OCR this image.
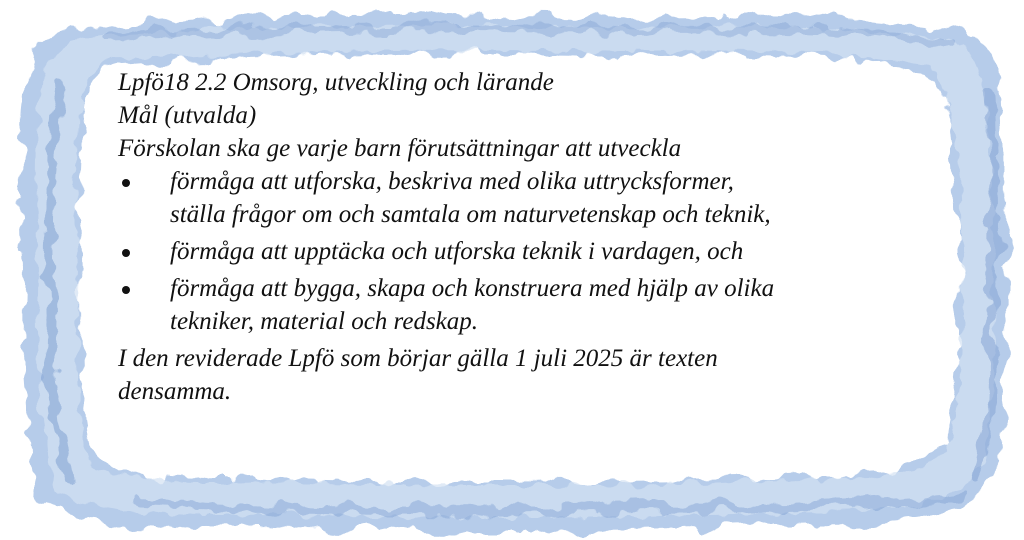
Lpfö18 2.2 Omsorg, utveckling och lärande
Mål (utvalda)
Förskolan ska ge varje barn förutsättningar att utveckla
förmåga att utforska, beskriva med olika uttrycksformer,
ställa frågor om och samtala om naturvetenskap och teknik,
förmåga att upptäcka och utforska teknik i vardagen, och
förmåga att bygga, skapa och konstruera med hjälp av olika
tekniker, material och redskap.
I den reviderade Lpfö som börjar gälla 1 juli 2025 är texten
densamma.
